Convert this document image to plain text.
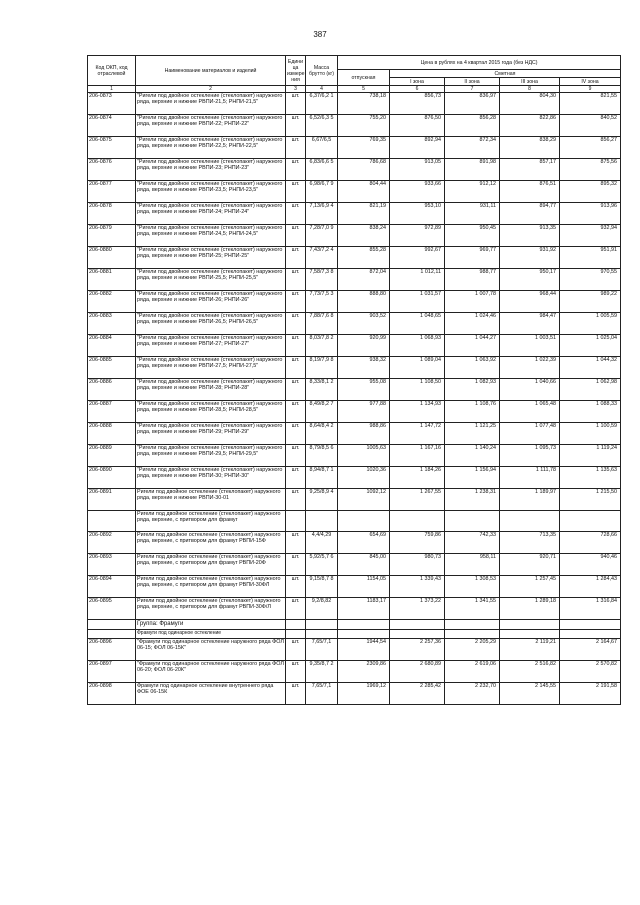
387
Код ОКП, код отраслевой	Наименование материалов и изделий	Едини ца измере ния	Масса брутто (кг)	Цена в рублях на 4 квартал 2015 года (без НДС)				
				отпускная	Сметная			
					I зона	II зона	III зона	IV зона
1	2	3	4	5	6	7	8	9
206-0873	"Ригели под двойное остекление (стеклопакет) наружного ряда, верхние и нижние РВПИ-21,5; РНПИ-21,5"	шт.	6,37/6,2 1	738,18	856,73	836,97	804,30	821,55
206-0874	"Ригели под двойное остекление (стеклопакет) наружного ряда, верхние и нижние РВПИ-22; РНПИ-22"	шт.	6,52/6,3 5	755,20	876,50	856,28	822,86	840,52
206-0875	"Ригели под двойное остекление (стеклопакет) наружного ряда, верхние и нижние РВПИ-22,5; РНПИ-22,5"	шт.	6,67/6,5	769,35	892,94	872,34	838,29	856,27
206-0876	"Ригели под двойное остекление (стеклопакет) наружного ряда, верхние и нижние РВПИ-23; РНПИ-23"	шт.	6,83/6,6 5	786,68	913,05	891,98	857,17	875,56
206-0877	"Ригели под двойное остекление (стеклопакет) наружного ряда, верхние и нижние РВПИ-23,5; РНПИ-23,5"	шт.	6,98/6,7 9	804,44	933,66	912,12	876,51	895,32
206-0878	"Ригели под двойное остекление (стеклопакет) наружного ряда, верхние и нижние РВПИ-24; РНПИ-24"	шт.	7,13/6,9 4	821,19	953,10	931,11	894,77	913,96
206-0879	"Ригели под двойное остекление (стеклопакет) наружного ряда, верхние и нижние РВПИ-24,5; РНПИ-24,5"	шт.	7,28/7,0 9	838,24	972,89	950,45	913,35	932,94
206-0880	"Ригели под двойное остекление (стеклопакет) наружного ряда, верхние и нижние РВПИ-25; РНПИ-25"	шт.	7,43/7,2 4	855,28	992,67	969,77	931,92	951,91
206-0881	"Ригели под двойное остекление (стеклопакет) наружного ряда, верхние и нижние РВПИ-25,5; РНПИ-25,5"	шт.	7,58/7,3 8	872,04	1 012,11	988,77	950,17	970,55
206-0882	"Ригели под двойное остекление (стеклопакет) наружного ряда, верхние и нижние РВПИ-26; РНПИ-26"	шт.	7,73/7,5 3	888,80	1 031,57	1 007,78	968,44	989,22
206-0883	"Ригели под двойное остекление (стеклопакет) наружного ряда, верхние и нижние РВПИ-26,5; РНПИ-26,5"	шт.	7,88/7,6 8	903,52	1 048,65	1 024,46	984,47	1 005,59
206-0884	"Ригели под двойное остекление (стеклопакет) наружного ряда, верхние и нижние РВПИ-27; РНПИ-27"	шт.	8,03/7,8 2	920,99	1 068,93	1 044,27	1 003,51	1 025,04
206-0885	"Ригели под двойное остекление (стеклопакет) наружного ряда, верхние и нижние РВПИ-27,5; РНПИ-27,5"	шт.	8,19/7,9 8	938,32	1 089,04	1 063,92	1 022,39	1 044,32
206-0886	"Ригели под двойное остекление (стеклопакет) наружного ряда, верхние и нижние РВПИ-28; РНПИ-28"	шт.	8,33/8,1 2	955,08	1 108,50	1 082,93	1 040,66	1 062,98
206-0887	"Ригели под двойное остекление (стеклопакет) наружного ряда, верхние и нижние РВПИ-28,5; РНПИ-28,5"	шт.	8,49/8,2 7	977,88	1 134,93	1 108,76	1 065,48	1 088,33
206-0888	"Ригели под двойное остекление (стеклопакет) наружного ряда, верхние и нижние РВПИ-29; РНПИ-29"	шт.	8,64/8,4 2	988,86	1 147,72	1 121,25	1 077,48	1 100,59
206-0889	"Ригели под двойное остекление (стеклопакет) наружного ряда, верхние и нижние РВПИ-29,5; РНПИ-29,5"	шт.	8,79/8,5 6	1005,63	1 167,16	1 140,24	1 095,73	1 119,24
206-0890	"Ригели под двойное остекление (стеклопакет) наружного ряда, верхние и нижние РВПИ-30; РНПИ-30"	шт.	8,94/8,7 1	1020,36	1 184,26	1 156,94	1 111,78	1 135,63
206-0891	Ригели под двойное остекление (стеклопакет) наружного ряда, верхние и нижние РВПИ-30-01	шт.	9,25/8,9 4	1092,12	1 267,55	1 238,31	1 189,97	1 215,50
	Ригели под двойное остекление (стеклопакет) наружного ряда, верхние, с притвором для фрамуг							
206-0892	Ригели под двойное остекление (стеклопакет) наружного ряда, верхние, с притвором для фрамуг РВПИ-15Ф	шт.	4,4/4,29	654,69	759,86	742,33	713,35	728,66
206-0893	Ригели под двойное остекление (стеклопакет) наружного ряда, верхние, с притвором для фрамуг РВПИ-20Ф	шт.	5,92/5,7 6	845,00	980,73	958,11	920,71	940,46
206-0894	Ригели под двойное остекление (стеклопакет) наружного ряда, верхние, с притвором для фрамуг РВПИ-30ФЛ	шт.	9,15/8,7 8	1154,05	1 339,43	1 308,53	1 257,45	1 284,43
206-0895	Ригели под двойное остекление (стеклопакет) наружного ряда, верхние, с притвором для фрамуг РВПИ-30Ф/Л	шт.	9,2/8,82	1183,17	1 373,22	1 341,55	1 289,18	1 316,84
	Группа: Фрамуги							
	Фрамуги под одинарное остекление							
206-0896	"Фрамуги под одинарное остекление наружного ряда ФОЛ 06-15; ФОЛ 06-15К"	шт.	7,65/7,1	1944,54	2 257,36	2 205,29	2 119,21	2 164,67
206-0897	"Фрамуги под одинарное остекление наружного ряда ФОЛ 06-20; ФОЛ 06-20К"	шт.	9,35/8,7 2	2309,86	2 680,89	2 619,06	2 516,82	2 570,82
206-0898	Фрамуги под одинарное остекление внутреннего ряда ФОЕ 06-15К	шт.	7,65/7,1	1969,12	2 285,42	2 232,70	2 145,55	2 191,58
